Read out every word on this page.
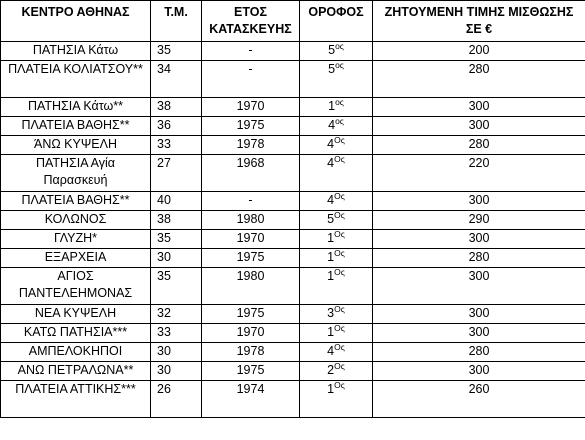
ΚΕΝΤΡΟ ΑΘΗΝΑΣ	Τ.Μ.	ΕΤΟΣ ΚΑΤΑΣΚΕΥΗΣ	ΟΡΟΦΟΣ	ΖΗΤΟΥΜΕΝΗ ΤΙΜΗΣ ΜΙΣΘΩΣΗΣ ΣΕ €
ΠΑΤΗΣΙΑ Κάτω	35	-	$5^{o\varsigma}$	200
ΠΛΑΤΕΙΑ ΚΟΛΙΑΤΣΟΥ**	34	-	$5^{o\varsigma}$	280
ΠΑΤΗΣΙΑ Κάτω**	38	1970	$1^{o\varsigma}$	300
ΠΛΑΤΕΙΑ ΒΑΘΗΣ**	36	1975	$4^{o\varsigma}$	300
ΆΝΩ ΚΥΨΕΛΗ	33	1978	$4^{O\varsigma}$	280
ΠΑΤΗΣΙΑ Αγία Παρασκευή	27	1968	$4^{O\varsigma}$	220
ΠΛΑΤΕΙΑ ΒΑΘΗΣ**	40	-	$4^{O\varsigma}$	300
ΚΟΛΩΝΟΣ	38	1980	$5^{O\varsigma}$	290
ΓΛΥΖΗ*	35	1970	$1^{O\varsigma}$	300
ΕΞΑΡΧΕΙΑ	30	1975	$1^{O\varsigma}$	280
ΑΓΙΟΣ ΠΑΝΤΕΛΕΗΜΟΝΑΣ	35	1980	$1^{O\varsigma}$	300
ΝΕΑ ΚΥΨΕΛΗ	32	1975	$3^{O\varsigma}$	300
ΚΑΤΩ ΠΑΤΗΣΙΑ***	33	1970	$1^{O\varsigma}$	300
ΑΜΠΕΛΟΚΗΠΟΙ	30	1978	$4^{O\varsigma}$	280
ΑΝΩ ΠΕΤΡΑΛΩΝΑ**	30	1975	$2^{O\varsigma}$	300
ΠΛΑΤΕΙΑ ΑΤΤΙΚΗΣ***	26	1974	$1^{O\varsigma}$	260
